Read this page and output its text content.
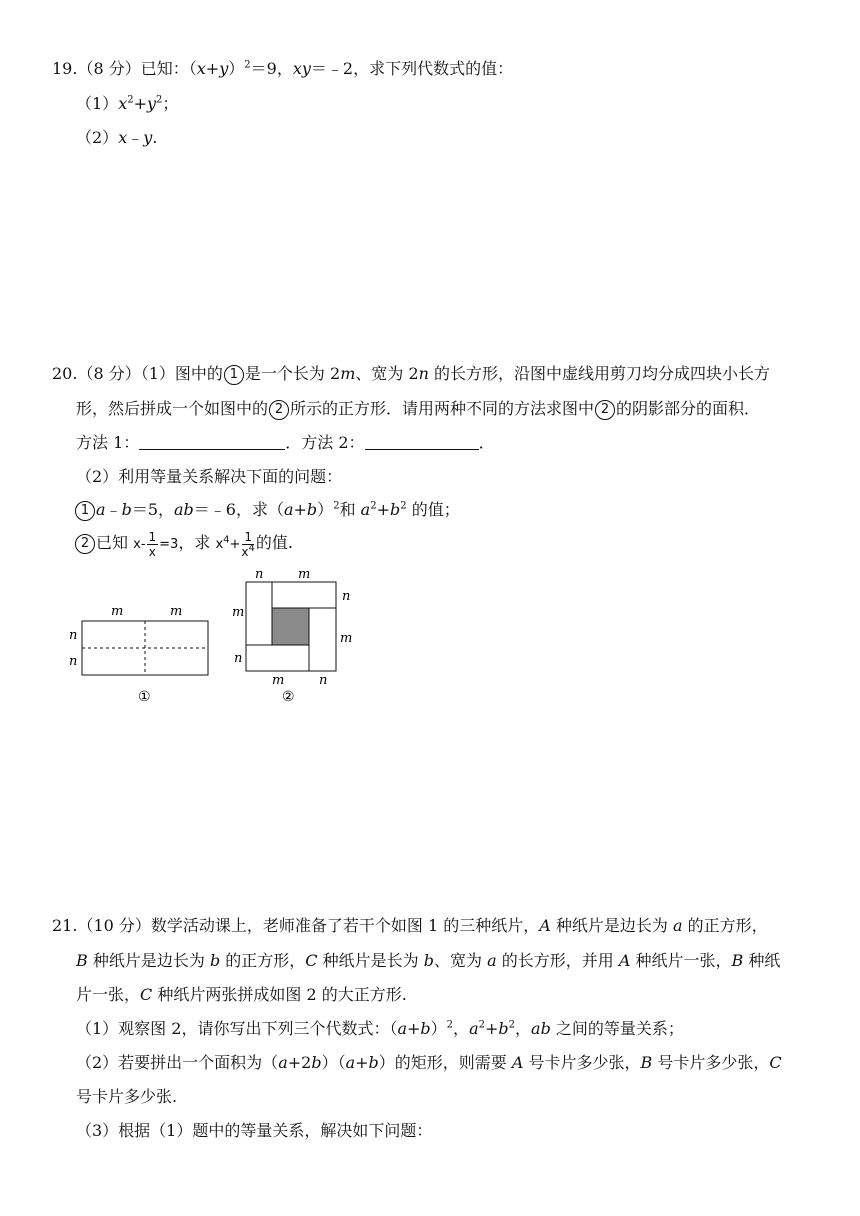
19.（8 分）已知：$(x+y)^2=9$，xy＝﹣2，求下列代数式的值：
$(1)x^2+y^2$；
（2）x﹣y.
20.（8 分）（1）图中的 1 是一个长为 2m、宽为 2n 的长方形，沿图中虚线用剪刀均分成四块小长方
形，然后拼成一个如图中的 2 所示的正方形．请用两种不同的方法求图中 2 的阴影部分的面积．
方法 1：	．方法 2：	．
（2）利用等量关系解决下面的问题：
1 a﹣b＝5，ab＝﹣6，求$(a+b)^2$和 $a^2+b^2$ 的值；
2 已知 $x- \frac{1}{x} =3$，求 $x^4+ \frac{1}{x^4}$ 的值.
m	m
n
n
①
n	m
n
m
m
n
m	n
②
21.（10 分）数学活动课上，老师准备了若干个如图 1 的三种纸片，A 种纸片是边长为 a 的正方形，
B 种纸片是边长为 b 的正方形，C 种纸片是长为 b、宽为 a 的长方形，并用 A 种纸片一张，B 种纸
片一张，C 种纸片两张拼成如图 2 的大正方形.
（1）观察图 2，请你写出下列三个代数式：$(a+b)^2$，$a^2+b^2$，ab 之间的等量关系；
（2）若要拼出一个面积为（a+2b）（a+b）的矩形，则需要 A 号卡片多少张，B 号卡片多少张，C
号卡片多少张.
（3）根据（1）题中的等量关系，解决如下问题：
